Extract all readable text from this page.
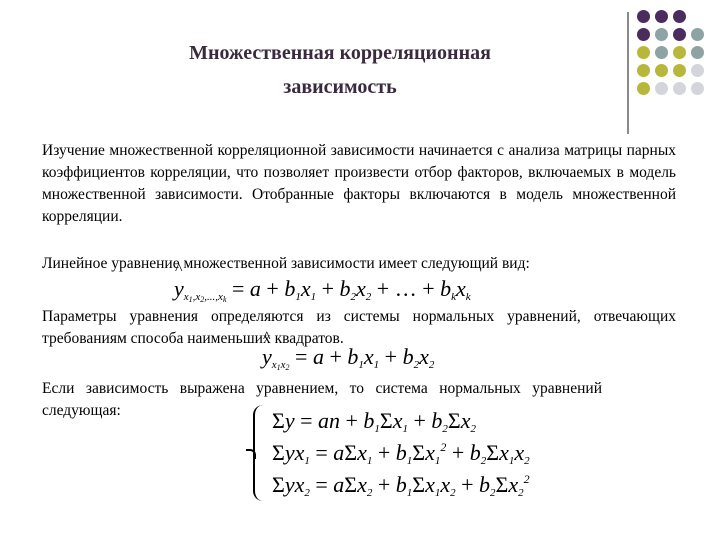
Множественная корреляционная
зависимость
Изучение множественной корреляционной зависимости начинается с анализа матрицы парных коэффициентов корреляции, что позволяет произвести отбор факторов, включаемых в модель множественной зависимости. Отобранные факторы включаются в модель множественной корреляции.
Линейное уравнение множественной зависимости имеет следующий вид:
^ $y_{x_1,x_2,...,x_k} = a + b_1x_1 + b_2x_2$ + … + $b_kx_k$
Параметры уравнения определяются из системы нормальных уравнений, отвечающих требованиям способа наименьших квадратов.
^ $y_{x_1x_2} = a + b_1x_1 + b_2x_2$
Если зависимость выражена уравнением, то система нормальных уравнений следующая:	Σy = an + $b_1\Sigma x_1 + b_2\Sigma x_2$
$\Sigma yx_1 = a\Sigma x_1 + b_1\Sigma x_1^2 + b_2\Sigma x_1x_2$
$\Sigma yx_2 = a\Sigma x_2 + b_1\Sigma x_1x_2 + b_2\Sigma x_2^2$
